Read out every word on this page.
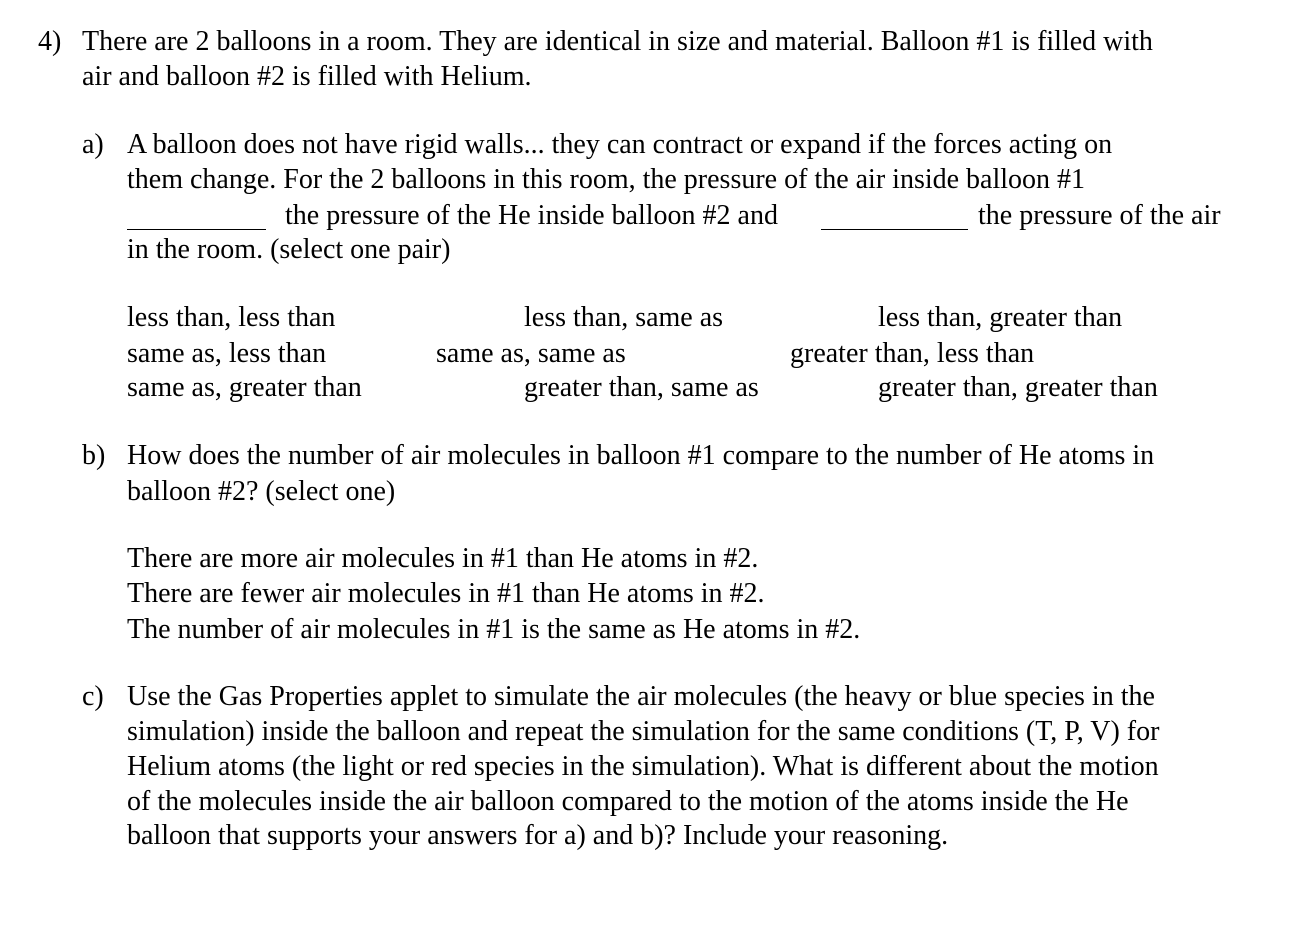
4) There are 2 balloons in a room. They are identical in size and material. Balloon #1 is filled with
air and balloon #2 is filled with Helium.
a) A balloon does not have rigid walls... they can contract or expand if the forces acting on
them change. For the 2 balloons in this room, the pressure of the air inside balloon #1
the pressure of the He inside balloon #2 and	the pressure of the air
in the room. (select one pair)
less than, less than	less than, same as	less than, greater than
same as, less than	same as, same as	greater than, less than
same as, greater than	greater than, same as	greater than, greater than
b) How does the number of air molecules in balloon #1 compare to the number of He atoms in
balloon #2? (select one)
There are more air molecules in #1 than He atoms in #2.
There are fewer air molecules in #1 than He atoms in #2.
The number of air molecules in #1 is the same as He atoms in #2.
c) Use the Gas Properties applet to simulate the air molecules (the heavy or blue species in the
simulation) inside the balloon and repeat the simulation for the same conditions (T, P, V) for
Helium atoms (the light or red species in the simulation). What is different about the motion
of the molecules inside the air balloon compared to the motion of the atoms inside the He
balloon that supports your answers for a) and b)? Include your reasoning.
